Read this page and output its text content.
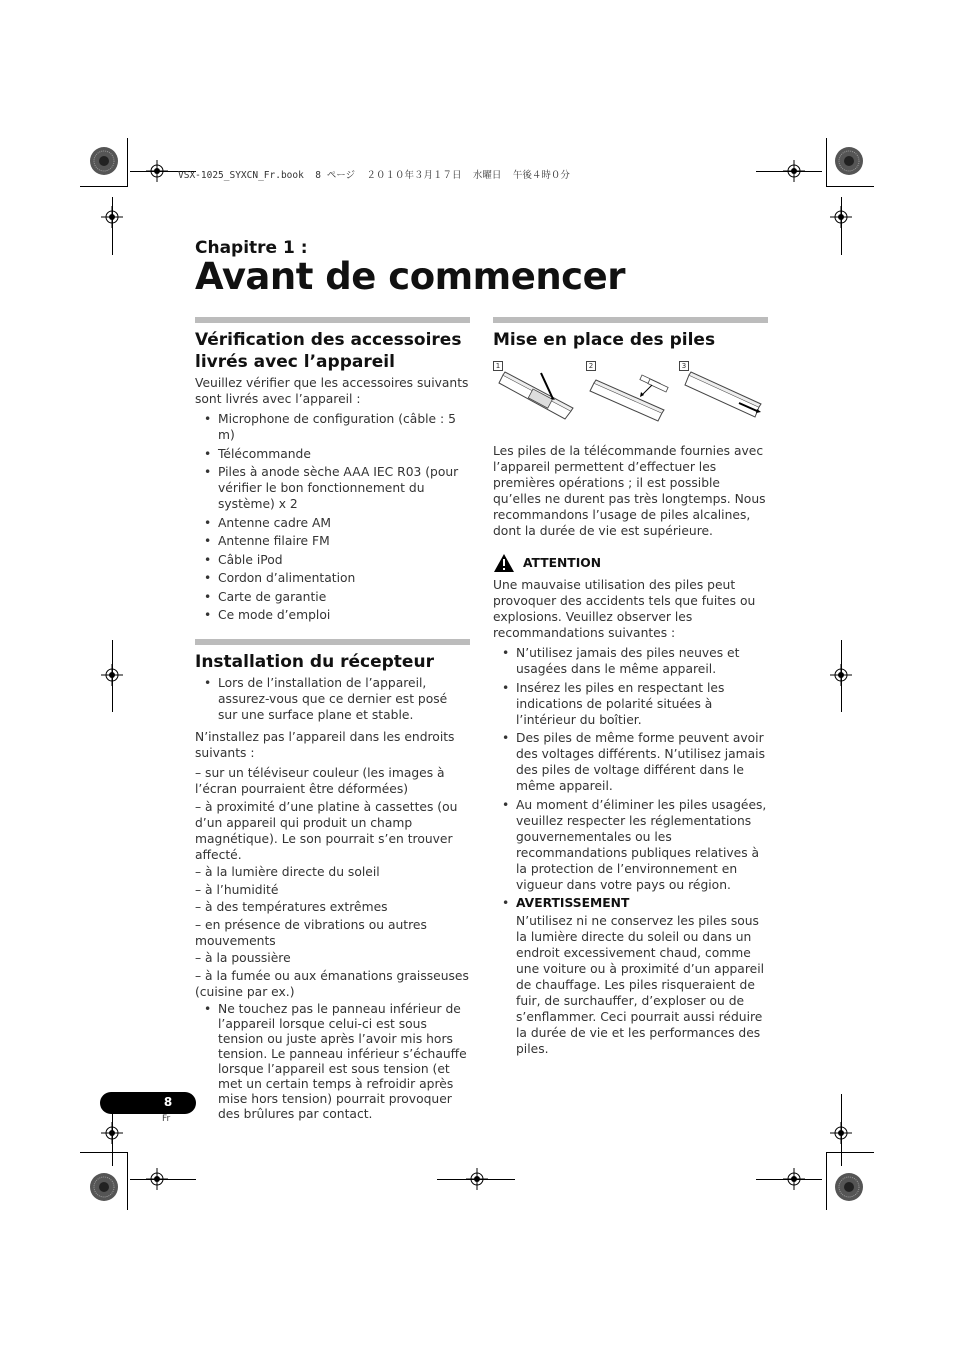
VSX-1025_SYXCN_Fr.book  8 ページ  ２０１０年３月１７日  水曜日  午後４時０分
Chapitre 1 :
Avant de commencer
Vérification des accessoires livrés avec l’appareil

Veuillez vérifier que les accessoires suivants sont livrés avec l’appareil :

• Microphone de configuration (câble : 5 m)
• Télécommande
• Piles à anode sèche AAA IEC R03 (pour vérifier le bon fonctionnement du système) x 2
• Antenne cadre AM
• Antenne filaire FM
• Câble iPod
• Cordon d’alimentation
• Carte de garantie
• Ce mode d’emploi
Installation du récepteur
• Lors de l’installation de l’appareil, assurez-vous que ce dernier est posé sur une surface plane et stable.

N’installez pas l’appareil dans les endroits suivants :

– sur un téléviseur couleur (les images à l’écran pourraient être déformées)

– à proximité d’une platine à cassettes (ou d’un appareil qui produit un champ magnétique). Le son pourrait s’en trouver affecté.

– à la lumière directe du soleil

– à l’humidité

– à des températures extrêmes

– en présence de vibrations ou autres mouvements

– à la poussière

– à la fumée ou aux émanations graisseuses (cuisine par ex.)

• Ne touchez pas le panneau inférieur de l’appareil lorsque celui-ci est sous tension ou juste après l’avoir mis hors tension. Le panneau inférieur s’échauffe lorsque l’appareil est sous tension (et met un certain temps à refroidir après mise hors tension) pourrait provoquer des brûlures par contact.
Mise en place des piles
1	2	3

Les piles de la télécommande fournies avec l’appareil permettent d’effectuer les premières opérations ; il est possible qu’elles ne durent pas très longtemps. Nous recommandons l’usage de piles alcalines, dont la durée de vie est supérieure.

ATTENTION

Une mauvaise utilisation des piles peut provoquer des accidents tels que fuites ou explosions. Veuillez observer les recommandations suivantes :

• N’utilisez jamais des piles neuves et usagées dans le même appareil.
• Insérez les piles en respectant les indications de polarité situées à l’intérieur du boîtier.
• Des piles de même forme peuvent avoir des voltages différents. N’utilisez jamais des piles de voltage différent dans le même appareil.
• Au moment d’éliminer les piles usagées, veuillez respecter les réglementations gouvernementales ou les recommandations publiques relatives à la protection de l’environnement en vigueur dans votre pays ou région.
• AVERTISSEMENT

N’utilisez ni ne conservez les piles sous la lumière directe du soleil ou dans un endroit excessivement chaud, comme une voiture ou à proximité d’un appareil de chauffage. Les piles risqueraient de fuir, de surchauffer, d’exploser ou de s’enflammer. Ceci pourrait aussi réduire la durée de vie et les performances des piles.

8
Fr
